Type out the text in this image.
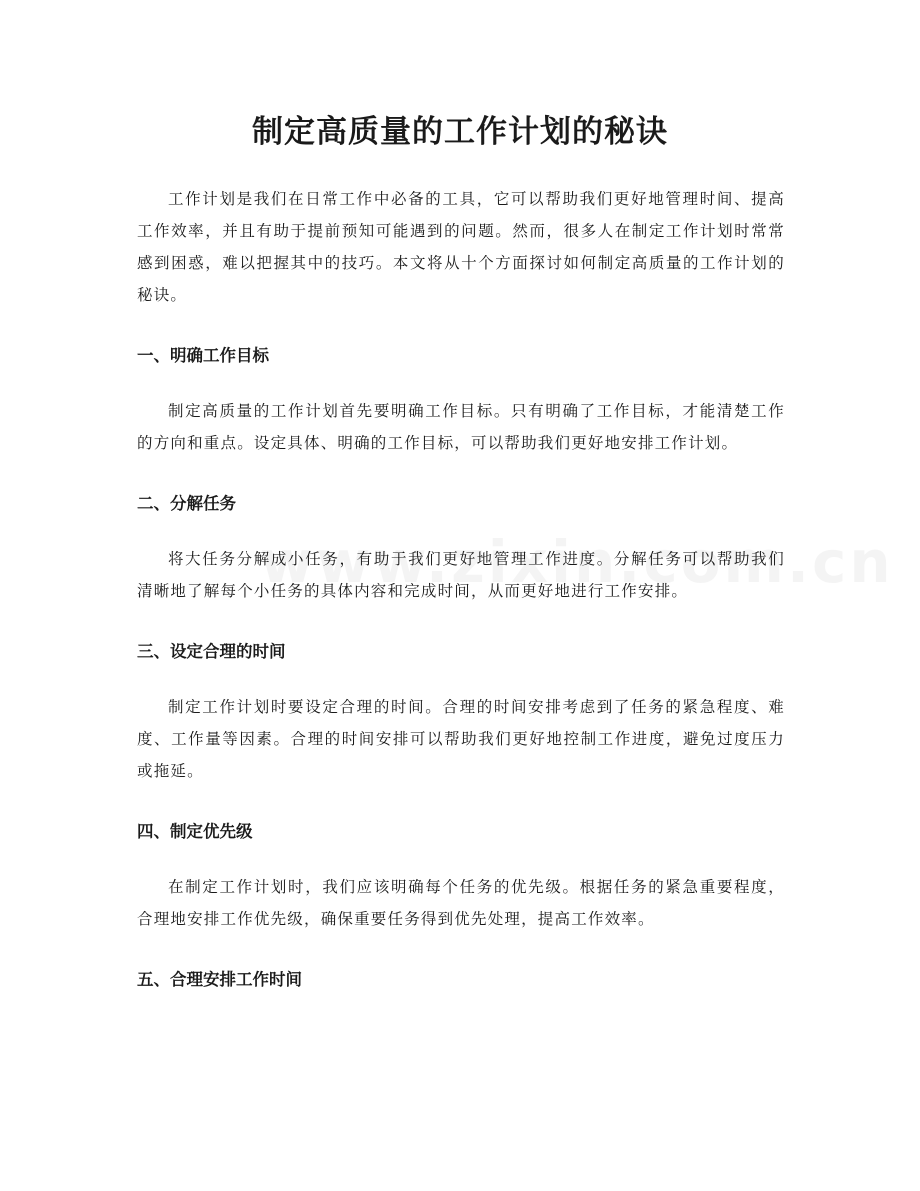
制定高质量的工作计划的秘诀

工作计划是我们在日常工作中必备的工具，它可以帮助我们更好地管理时间、提高工作效率，并且有助于提前预知可能遇到的问题。然而，很多人在制定工作计划时常常感到困惑，难以把握其中的技巧。本文将从十个方面探讨如何制定高质量的工作计划的秘诀。

一、明确工作目标

制定高质量的工作计划首先要明确工作目标。只有明确了工作目标，才能清楚工作的方向和重点。设定具体、明确的工作目标，可以帮助我们更好地安排工作计划。

二、分解任务

将大任务分解成小任务，有助于我们更好地管理工作进度。分解任务可以帮助我们清晰地了解每个小任务的具体内容和完成时间，从而更好地进行工作安排。

三、设定合理的时间

制定工作计划时要设定合理的时间。合理的时间安排考虑到了任务的紧急程度、难度、工作量等因素。合理的时间安排可以帮助我们更好地控制工作进度，避免过度压力或拖延。

四、制定优先级

在制定工作计划时，我们应该明确每个任务的优先级。根据任务的紧急重要程度，合理地安排工作优先级，确保重要任务得到优先处理，提高工作效率。

五、合理安排工作时间
